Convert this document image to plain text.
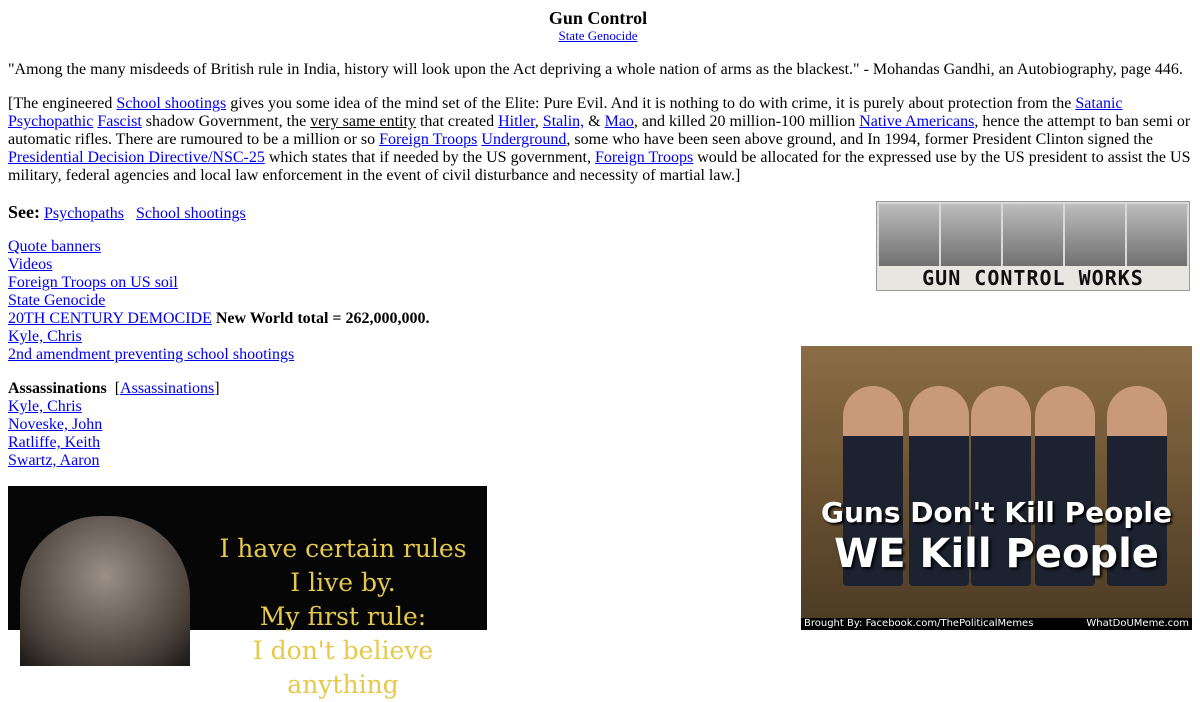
Gun Control
State Genocide
"Among the many misdeeds of British rule in India, history will look upon the Act depriving a whole nation of arms as the blackest." - Mohandas Gandhi, an Autobiography, page 446.
[The engineered School shootings gives you some idea of the mind set of the Elite: Pure Evil. And it is nothing to do with crime, it is purely about protection from the Satanic Psychopathic Fascist shadow Government, the very same entity that created Hitler, Stalin, & Mao, and killed 20 million-100 million Native Americans, hence the attempt to ban semi or automatic rifles. There are rumoured to be a million or so Foreign Troops Underground, some who have been seen above ground, and In 1994, former President Clinton signed the Presidential Decision Directive/NSC-25 which states that if needed by the US government, Foreign Troops would be allocated for the expressed use by the US president to assist the US military, federal agencies and local law enforcement in the event of civil disturbance and necessity of martial law.]
See: Psychopaths School shootings
Quote banners
Videos
Foreign Troops on US soil
State Genocide
20TH CENTURY DEMOCIDE New World total = 262,000,000.
Kyle, Chris
2nd amendment preventing school shootings
Assassinations  [Assassinations]
Kyle, Chris
Noveske, John
Ratliffe, Keith
Swartz, Aaron
GUN CONTROL WORKS
Guns Don't Kill People
WE Kill People
Brought By: Facebook.com/ThePoliticalMemes	WhatDoUMeme.com
I have certain rules I live by.
My first rule:
I don't believe anything
